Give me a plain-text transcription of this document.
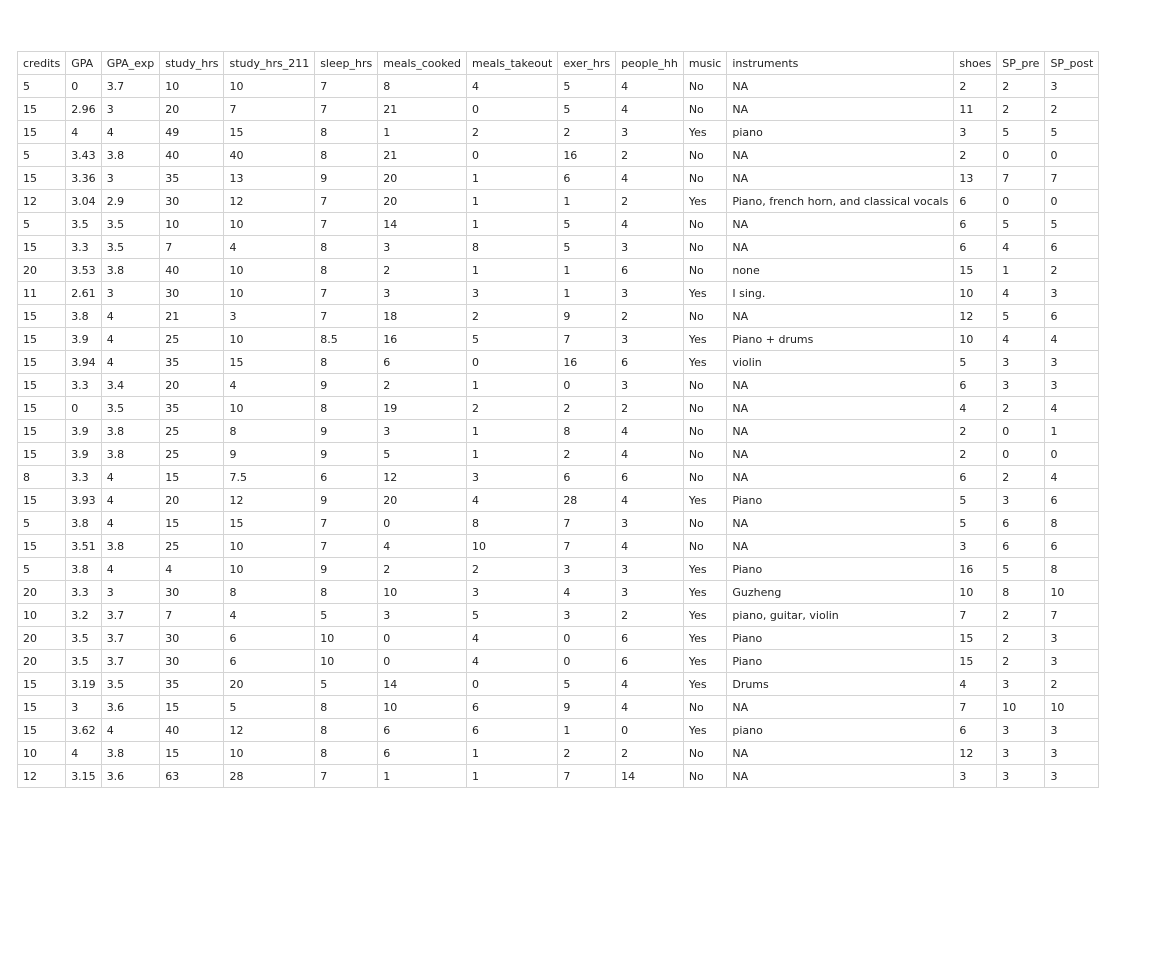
credits	GPA	GPA_exp	study_hrs	study_hrs_211	sleep_hrs	meals_cooked	meals_takeout	exer_hrs	people_hh	music	instruments	shoes	SP_pre	SP_post
5	0	3.7	10	10	7	8	4	5	4	No	NA	2	2	3
15	2.96	3	20	7	7	21	0	5	4	No	NA	11	2	2
15	4	4	49	15	8	1	2	2	3	Yes	piano	3	5	5
5	3.43	3.8	40	40	8	21	0	16	2	No	NA	2	0	0
15	3.36	3	35	13	9	20	1	6	4	No	NA	13	7	7
12	3.04	2.9	30	12	7	20	1	1	2	Yes	Piano, french horn, and classical vocals	6	0	0
5	3.5	3.5	10	10	7	14	1	5	4	No	NA	6	5	5
15	3.3	3.5	7	4	8	3	8	5	3	No	NA	6	4	6
20	3.53	3.8	40	10	8	2	1	1	6	No	none	15	1	2
11	2.61	3	30	10	7	3	3	1	3	Yes	I sing.	10	4	3
15	3.8	4	21	3	7	18	2	9	2	No	NA	12	5	6
15	3.9	4	25	10	8.5	16	5	7	3	Yes	Piano + drums	10	4	4
15	3.94	4	35	15	8	6	0	16	6	Yes	violin	5	3	3
15	3.3	3.4	20	4	9	2	1	0	3	No	NA	6	3	3
15	0	3.5	35	10	8	19	2	2	2	No	NA	4	2	4
15	3.9	3.8	25	8	9	3	1	8	4	No	NA	2	0	1
15	3.9	3.8	25	9	9	5	1	2	4	No	NA	2	0	0
8	3.3	4	15	7.5	6	12	3	6	6	No	NA	6	2	4
15	3.93	4	20	12	9	20	4	28	4	Yes	Piano	5	3	6
5	3.8	4	15	15	7	0	8	7	3	No	NA	5	6	8
15	3.51	3.8	25	10	7	4	10	7	4	No	NA	3	6	6
5	3.8	4	4	10	9	2	2	3	3	Yes	Piano	16	5	8
20	3.3	3	30	8	8	10	3	4	3	Yes	Guzheng	10	8	10
10	3.2	3.7	7	4	5	3	5	3	2	Yes	piano, guitar, violin	7	2	7
20	3.5	3.7	30	6	10	0	4	0	6	Yes	Piano	15	2	3
20	3.5	3.7	30	6	10	0	4	0	6	Yes	Piano	15	2	3
15	3.19	3.5	35	20	5	14	0	5	4	Yes	Drums	4	3	2
15	3	3.6	15	5	8	10	6	9	4	No	NA	7	10	10
15	3.62	4	40	12	8	6	6	1	0	Yes	piano	6	3	3
10	4	3.8	15	10	8	6	1	2	2	No	NA	12	3	3
12	3.15	3.6	63	28	7	1	1	7	14	No	NA	3	3	3
